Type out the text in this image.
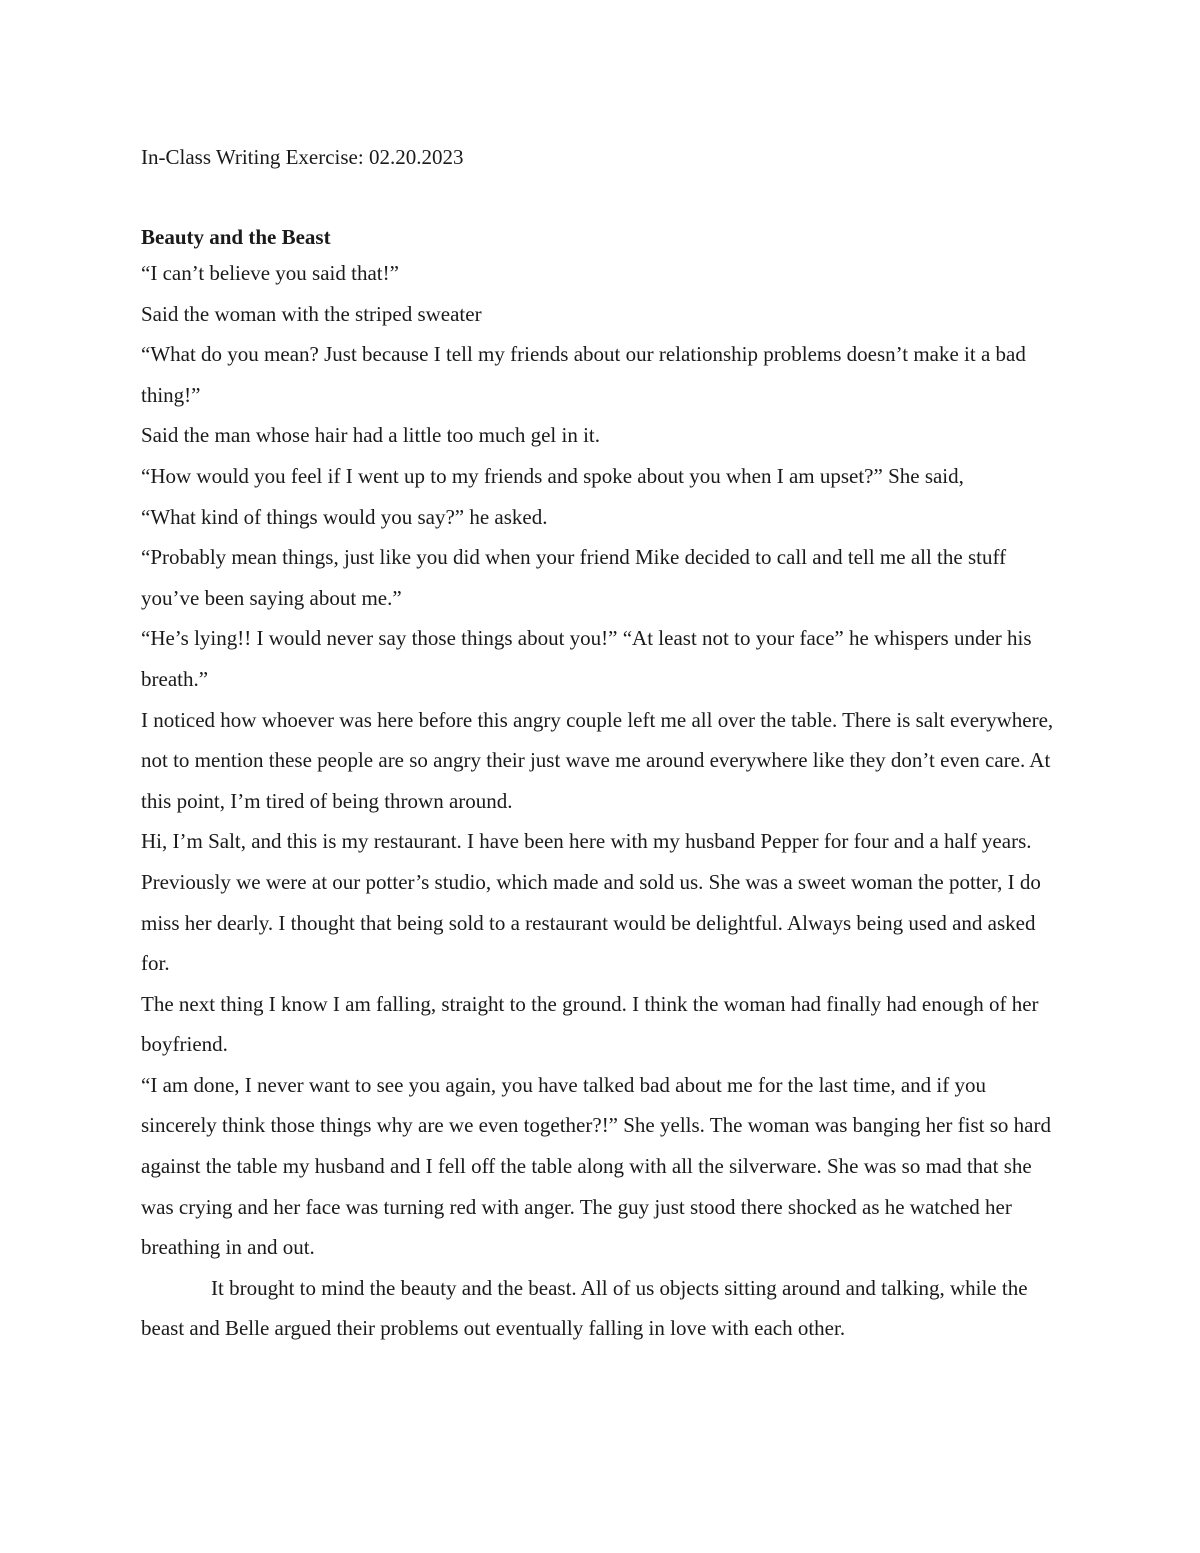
In-Class Writing Exercise: 02.20.2023

Beauty and the Beast

“I can’t believe you said that!”

Said the woman with the striped sweater

“What do you mean? Just because I tell my friends about our relationship problems doesn’t make it a bad thing!”

Said the man whose hair had a little too much gel in it.

“How would you feel if I went up to my friends and spoke about you when I am upset?” She said,

“What kind of things would you say?” he asked.

“Probably mean things, just like you did when your friend Mike decided to call and tell me all the stuff you’ve been saying about me.”

“He’s lying!! I would never say those things about you!” “At least not to your face” he whispers under his breath.”

I noticed how whoever was here before this angry couple left me all over the table. There is salt everywhere, not to mention these people are so angry their just wave me around everywhere like they don’t even care. At this point, I’m tired of being thrown around.

Hi, I’m Salt, and this is my restaurant. I have been here with my husband Pepper for four and a half years. Previously we were at our potter’s studio, which made and sold us. She was a sweet woman the potter, I do miss her dearly. I thought that being sold to a restaurant would be delightful. Always being used and asked for.

The next thing I know I am falling, straight to the ground. I think the woman had finally had enough of her boyfriend.

“I am done, I never want to see you again, you have talked bad about me for the last time, and if you sincerely think those things why are we even together?!” She yells. The woman was banging her fist so hard against the table my husband and I fell off the table along with all the silverware. She was so mad that she was crying and her face was turning red with anger. The guy just stood there shocked as he watched her breathing in and out.

It brought to mind the beauty and the beast. All of us objects sitting around and talking, while the beast and Belle argued their problems out eventually falling in love with each other.
